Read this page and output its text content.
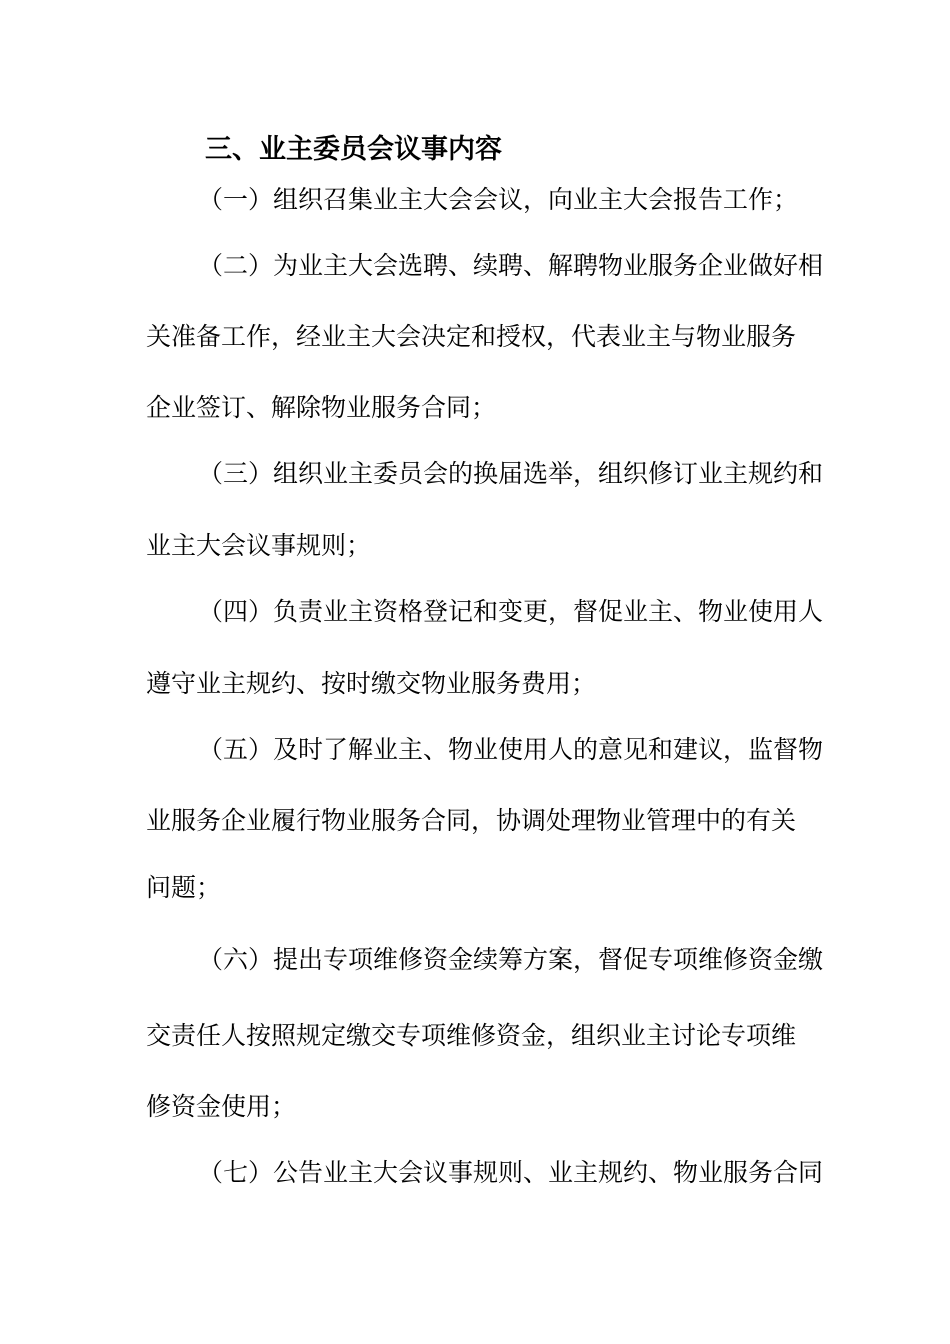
三、业主委员会议事内容
（一）组织召集业主大会会议，向业主大会报告工作；
（二）为业主大会选聘、续聘、解聘物业服务企业做好相
关准备工作，经业主大会决定和授权，代表业主与物业服务
企业签订、解除物业服务合同；
（三）组织业主委员会的换届选举，组织修订业主规约和
业主大会议事规则；
（四）负责业主资格登记和变更，督促业主、物业使用人
遵守业主规约、按时缴交物业服务费用；
（五）及时了解业主、物业使用人的意见和建议，监督物
业服务企业履行物业服务合同，协调处理物业管理中的有关
问题；
（六）提出专项维修资金续筹方案，督促专项维修资金缴
交责任人按照规定缴交专项维修资金，组织业主讨论专项维
修资金使用；
（七）公告业主大会议事规则、业主规约、物业服务合同
